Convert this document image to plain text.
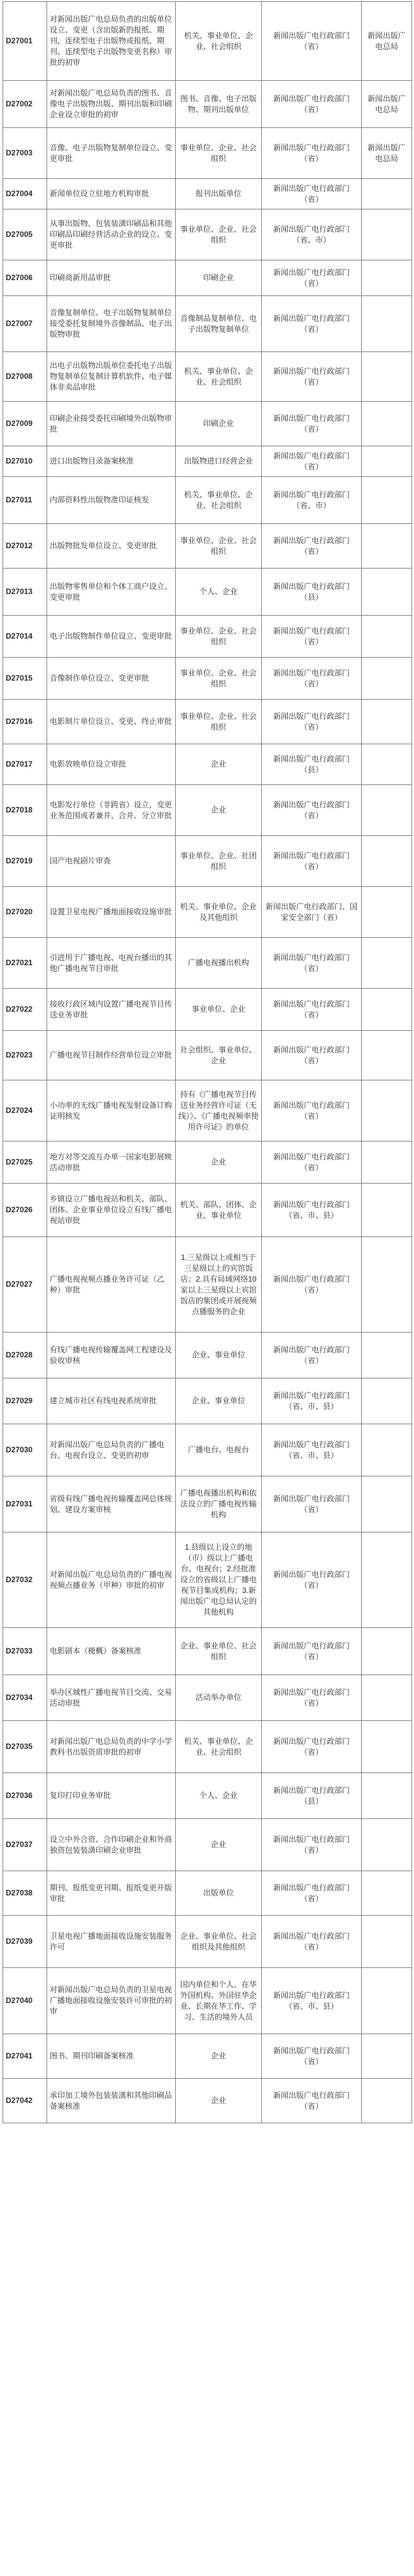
D27001	对新闻出版广电总局负责的出版单位设立、变更（含出版新的报纸、期刊，连续型电子出版物或报纸、期刊、连续型电子出版物变更名称）审批的初审	机关、事业单位、企业、社会组织	新闻出版广电行政部门（省）	新闻出版广电总局
D27002	对新闻出版广电总局负责的图书、音像电子出版物出版、期刊出版和印刷企业设立审批的初审	图书、音像、电子出版物、期刊出版单位	新闻出版广电行政部门（省）	新闻出版广电总局
D27003	音像、电子出版物复制单位设立、变更审批	事业单位、企业、社会组织	新闻出版广电行政部门（省）	新闻出版广电总局
D27004	新闻单位设立驻地方机构审批	报刊出版单位	新闻出版广电行政部门（省）	
D27005	从事出版物、包装装潢印刷品和其他印刷品印刷经营活动企业的设立、变更审批	事业单位、企业、社会组织	新闻出版广电行政部门（省、市）	
D27006	印刷商新用品审批	印刷企业	新闻出版广电行政部门（省）	
D27007	音像复制单位、电子出版物复制单位接受委托复制境外音像制品、电子出版物审批	音像制品复制单位、电子出版物复制单位	新闻出版广电行政部门（省）	
D27008	出电子出版物出版单位委托电子出版物复制单位复制计算机软件、电子媒体非卖品审批	机关、事业单位、企业、社会组织	新闻出版广电行政部门（省）	
D27009	印刷企业接受委托印刷境外出版物审批	印刷企业	新闻出版广电行政部门（省）	
D27010	进口出版物目录备案核准	出版物进口经营企业	新闻出版广电行政部门（省）	
D27011	内部资料性出版物准印证核发	机关、事业单位、企业、社会组织	新闻出版广电行政部门（省、市）	
D27012	出版物批发单位设立、变更审批	事业单位、企业、社会组织	新闻出版广电行政部门（省）	
D27013	出版物零售单位和个体工商户设立、变更审批	个人、企业	新闻出版广电行政部门（县）	
D27014	电子出版物制作单位设立、变更审批	事业单位、企业、社会组织	新闻出版广电行政部门（省）	
D27015	音像制作单位设立、变更审批	事业单位、企业、社会组织	新闻出版广电行政部门（省）	
D27016	电影制片单位设立、变更、终止审批	事业单位、企业、社会组织	新闻出版广电行政部门（省）	
D27017	电影放映单位设立审批	企业	新闻出版广电行政部门（县）	
D27018	电影发行单位（非跨省）设立，变更业务范围或者兼并、合并、分立审批	企业	新闻出版广电行政部门（省）	
D27019	国产电视剧片审查	事业单位、企业、社团组织	新闻出版广电行政部门（省）	
D27020	设置卫星电视广播地面接收设施审批	机关、事业单位、企业及其他组织	新闻出版广电行政部门、国家安全部门（省）	
D27021	引进用于广播电视、电视台播出的其他广播电视节目审批	广播电视播出机构	新闻出版广电行政部门（省）	
D27022	接收行政区域内设置广播电视节目传送业务审批	事业单位、企业	新闻出版广电行政部门（省）	
D27023	广播电视节目制作经营单位设立审批	社会组织、事业单位、企业	新闻出版广电行政部门（省）	
D27024	小功率的无线广播电视发射设备订购证明核发	持有《广播电视节目传送业务经营许可证（无线）》、《广播电视频率使用许可证》的单位	新闻出版广电行政部门（省）	
D27025	地方对等交流互办单一国家电影展映活动审批	企业	新闻出版广电行政部门（省）	
D27026	乡镇设立广播电视站和机关、部队、团体、企业事业单位设立有线广播电视站审批	机关、部队、团体、企业、事业单位	新闻出版广电行政部门（省、市、县）	
D27027	广播电视视频点播业务许可证（乙种）审批	1.三星级以上或相当于三星级以上的宾馆饭店；2.具有局域网络10家以上三星级以上宾馆饭店的集团或开展视频点播服务的企业	新闻出版广电行政部门（省）	
D27028	有线广播电视传输覆盖网工程建设及验收审核	企业、事业单位	新闻出版广电行政部门（省）	
D27029	建立城市社区有线电视系统审批	企业、事业单位	新闻出版广电行政部门（省、市、县）	
D27030	对新闻出版广电总局负责的广播电台、电视台设立、变更的初审	广播电台、电视台	新闻出版广电行政部门（省、市、县）	
D27031	省级有线广播电视传输覆盖网总体规划、建设方案审核	广播电视播出机构和依法设立的广播电视传输机构	新闻出版广电行政部门（省）	
D27032	对新闻出版广电总局负责的广播电视视频点播业务（甲种）审批的初审	1.县级以上设立的地（市）级以上广播电台、电视台；2.经批准设立的省级以上广播电视节目集成机构；3.新闻出版广电总局认定的其他机构	新闻出版广电行政部门（省）	
D27033	电影剧本（梗概）备案核准	企业、事业单位、社会组织	新闻出版广电行政部门（省）	
D27034	举办区域性广播电视节目交流、交易活动审批	活动举办单位	新闻出版广电行政部门（省）	
D27035	对新闻出版广电总局负责的中学小学教科书出版资质审批的初审	机关、事业单位、企业、社会组织	新闻出版广电行政部门（省）	
D27036	复印打印业务审批	个人、企业	新闻出版广电行政部门（县）	
D27037	设立中外合资、合作印刷企业和外商独资包装装潢印刷企业审批	企业	新闻出版广电行政部门（省）	
D27038	期刊、报纸变更刊期、报纸变更开版审批	出版单位	新闻出版广电行政部门（省）	
D27039	卫星电视广播地面接收设施安装服务许可	企业、事业单位、社会组织及其他组织	新闻出版广电行政部门（省）	
D27040	对新闻出版广电总局负责的卫星电视广播地面接收设施安装许可审批的初审	国内单位和个人、在华外国机构、外国驻华企业、长期在华工作、学习、生活的境外人员	新闻出版广电行政部门（省、市、县）	
D27041	图书、期刊印刷备案核准	企业	新闻出版广电行政部门（省）	
D27042	承印加工境外包装装潢和其他印刷品备案核准	企业	新闻出版广电行政部门（省）	
